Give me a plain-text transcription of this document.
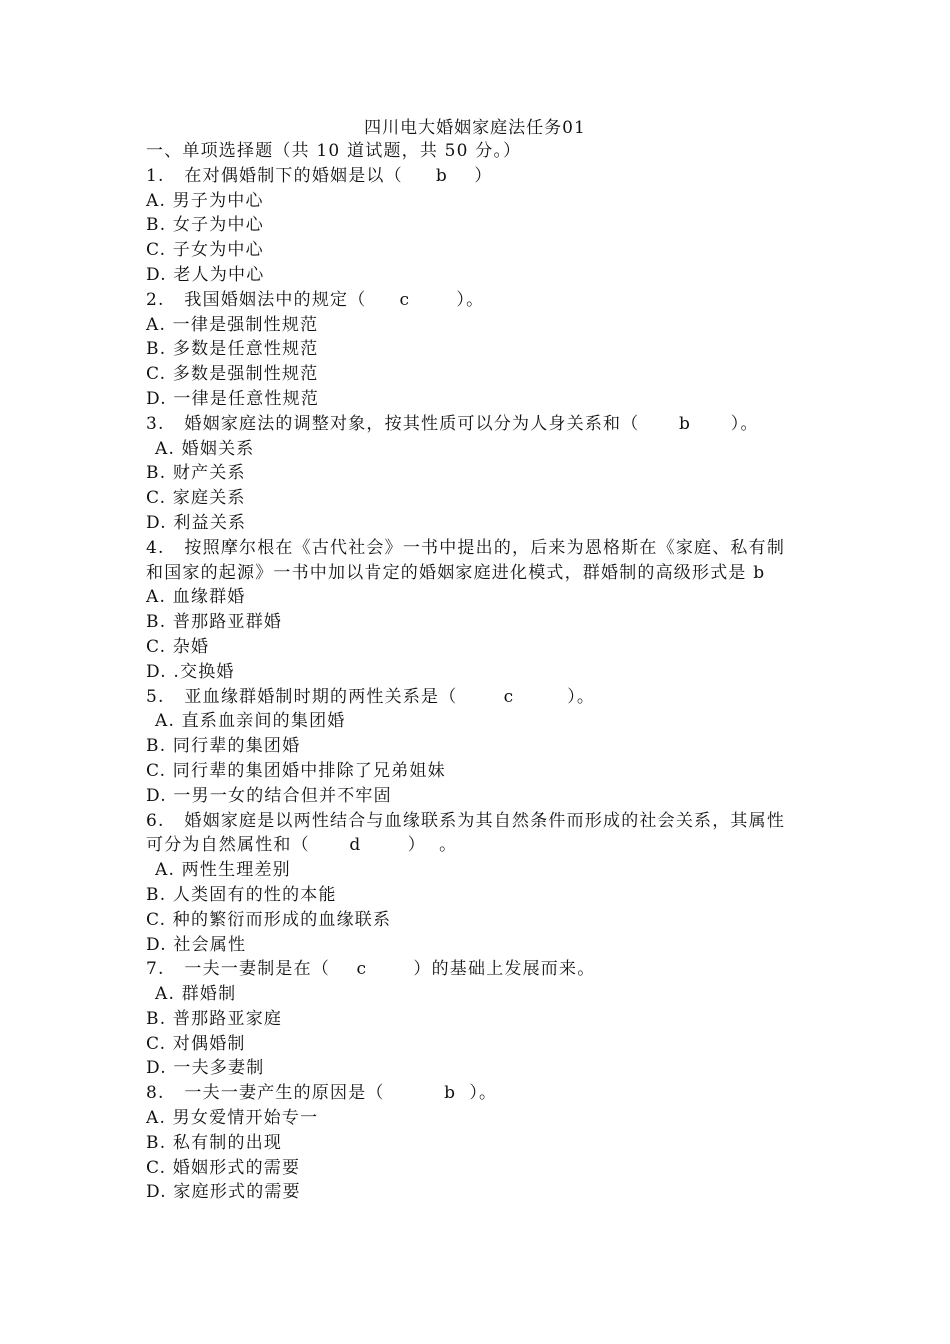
四川电大婚姻家庭法任务01
一、单项选择题（共 10 道试题，共 50 分。）
1.   在对偶婚制下的婚姻是以（     b    ）
A. 男子为中心
B. 女子为中心
C. 子女为中心
D. 老人为中心
2.   我国婚姻法中的规定（     c       ）。
A. 一律是强制性规范
B. 多数是任意性规范
C. 多数是强制性规范
D. 一律是任意性规范
3.   婚姻家庭法的调整对象，按其性质可以分为人身关系和（      b      ）。
A. 婚姻关系
B. 财产关系
C. 家庭关系
D. 利益关系
4.   按照摩尔根在《古代社会》一书中提出的，后来为恩格斯在《家庭、私有制
和国家的起源》一书中加以肯定的婚姻家庭进化模式，群婚制的高级形式是 b
A. 血缘群婚
B. 普那路亚群婚
C. 杂婚
D. .交换婚
5.   亚血缘群婚制时期的两性关系是（       c        ）。
A. 直系血亲间的集团婚
B. 同行辈的集团婚
C. 同行辈的集团婚中排除了兄弟姐妹
D. 一男一女的结合但并不牢固
6.   婚姻家庭是以两性结合与血缘联系为其自然条件而形成的社会关系，其属性
可分为自然属性和（      d       ）  。
A. 两性生理差别
B. 人类固有的性的本能
C. 种的繁衍而形成的血缘联系
D. 社会属性
7.   一夫一妻制是在（    c       ）的基础上发展而来。
A. 群婚制
B. 普那路亚家庭
C. 对偶婚制
D. 一夫多妻制
8.   一夫一妻产生的原因是（         b  ）。
A. 男女爱情开始专一
B. 私有制的出现
C. 婚姻形式的需要
D. 家庭形式的需要
